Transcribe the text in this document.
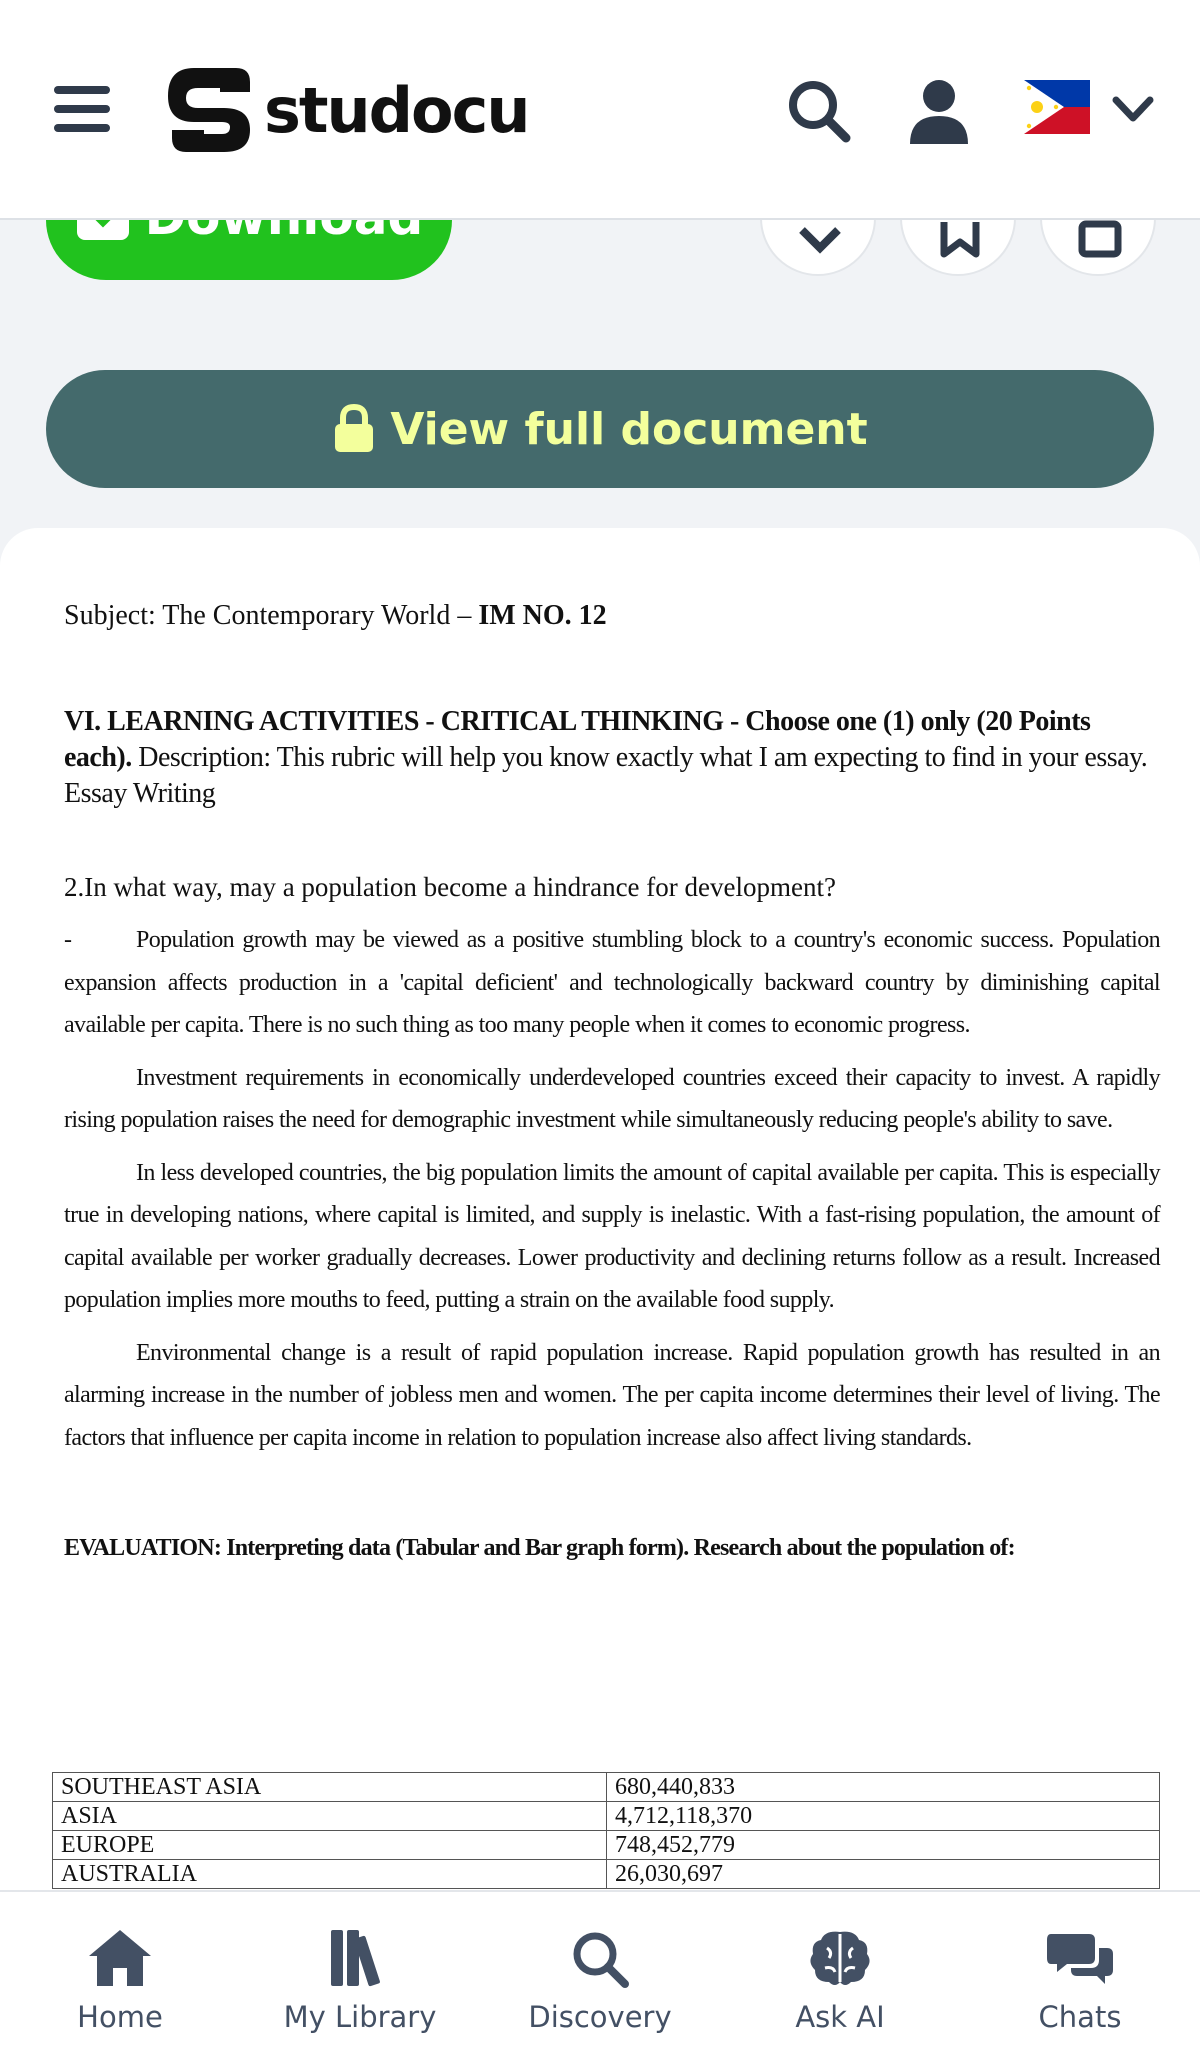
studocu
View full document
Subject: The Contemporary World – IM NO. 12
VI. LEARNING ACTIVITIES - CRITICAL THINKING - Choose one (1) only (20 Points each). Description: This rubric will help you know exactly what I am expecting to find in your essay. Essay Writing
2.In what way, may a population become a hindrance for development?

-	Population growth may be viewed as a positive stumbling block to a country's economic success. Population expansion affects production in a 'capital deficient' and technologically backward country by diminishing capital available per capita. There is no such thing as too many people when it comes to economic progress.

Investment requirements in economically underdeveloped countries exceed their capacity to invest. A rapidly rising population raises the need for demographic investment while simultaneously reducing people's ability to save.

In less developed countries, the big population limits the amount of capital available per capita. This is especially true in developing nations, where capital is limited, and supply is inelastic. With a fast-rising population, the amount of capital available per worker gradually decreases. Lower productivity and declining returns follow as a result. Increased population implies more mouths to feed, putting a strain on the available food supply.

Environmental change is a result of rapid population increase. Rapid population growth has resulted in an alarming increase in the number of jobless men and women. The per capita income determines their level of living. The factors that influence per capita income in relation to population increase also affect living standards.

EVALUATION: Interpreting data (Tabular and Bar graph form). Research about the population of:
SOUTHEAST ASIA	680,440,833
ASIA	4,712,118,370
EUROPE	748,452,779
AUSTRALIA	26,030,697
Home	My Library	Discovery	Ask AI	Chats
